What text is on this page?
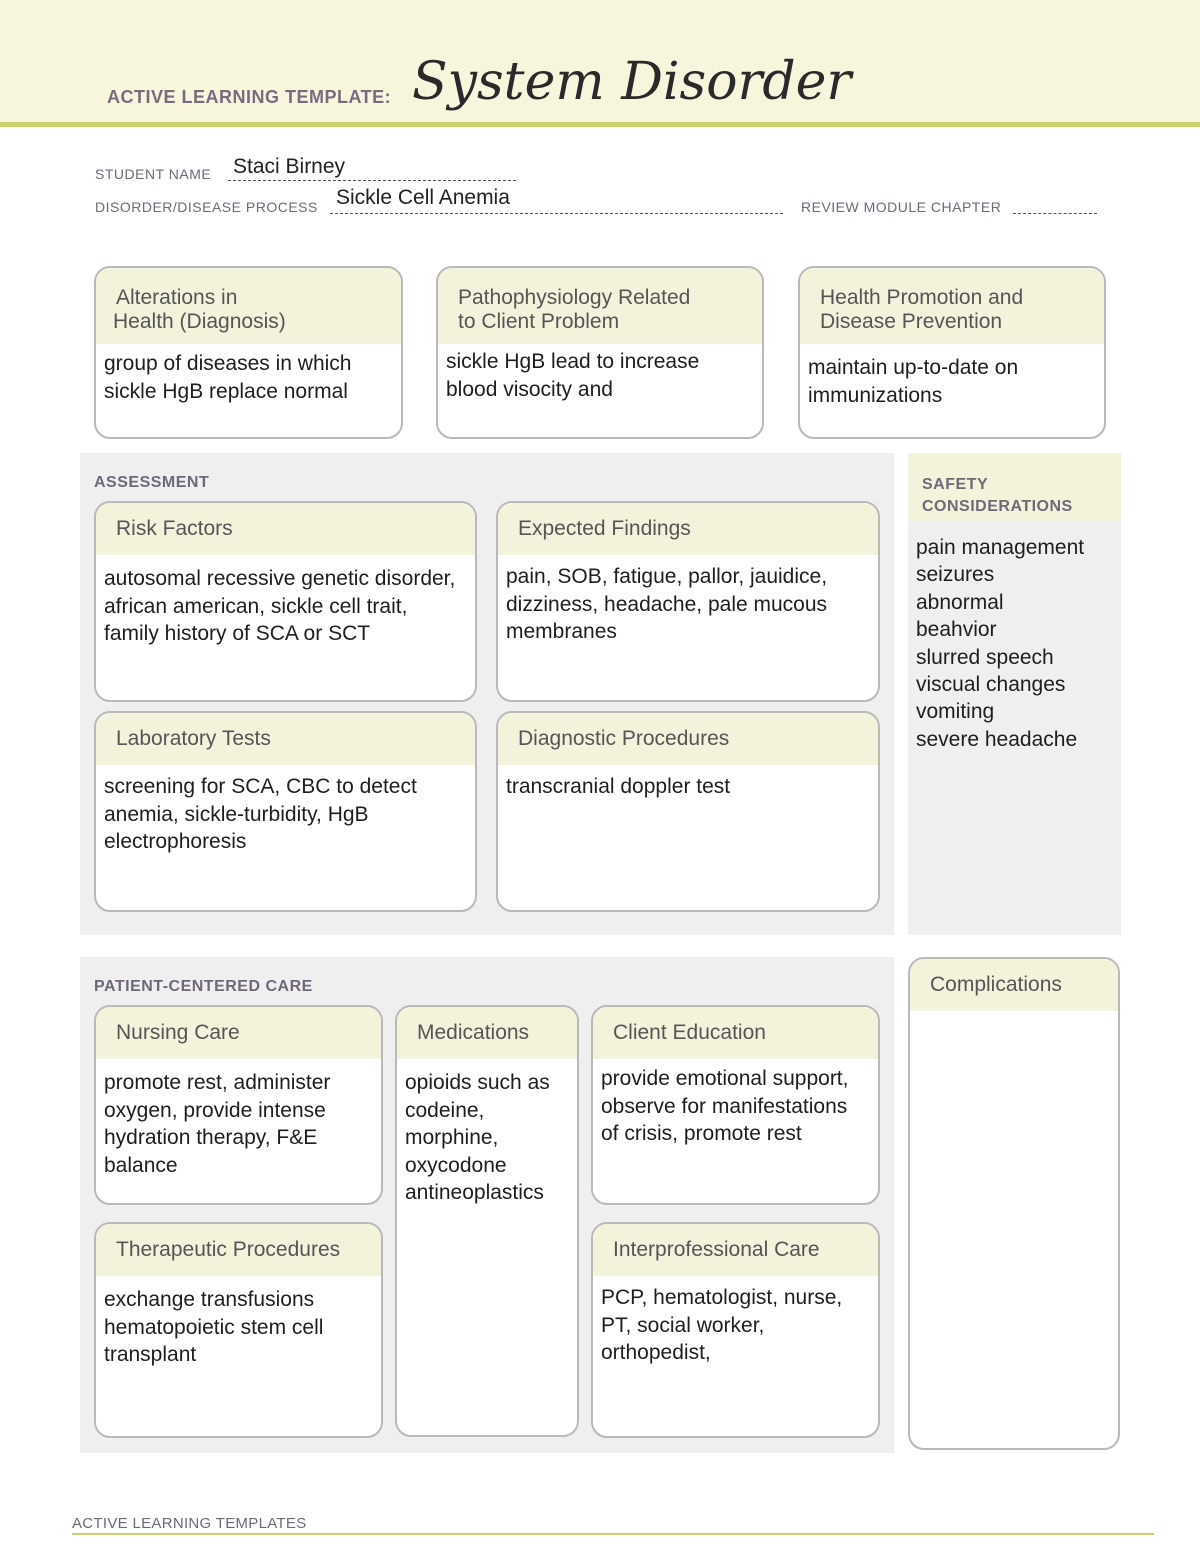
ACTIVE LEARNING TEMPLATE: System Disorder
STUDENT NAME Staci Birney
DISORDER/DISEASE PROCESS Sickle Cell Anemia	REVIEW MODULE CHAPTER
Alterations in
Health (Diagnosis)
group of diseases in which sickle HgB replace normal
Pathophysiology Related
to Client Problem
sickle HgB lead to increase blood visocity and
Health Promotion and
Disease Prevention
maintain up-to-date on immunizations
ASSESSMENT
Risk Factors
autosomal recessive genetic disorder, african american, sickle cell trait, family history of SCA or SCT
Expected Findings
pain, SOB, fatigue, pallor, jauidice, dizziness, headache, pale mucous membranes
Laboratory Tests
screening for SCA, CBC to detect anemia, sickle-turbidity, HgB electrophoresis
Diagnostic Procedures
transcranial doppler test
SAFETY
CONSIDERATIONS
pain management
seizures
abnormal
beahvior
slurred speech
viscual changes
vomiting
severe headache
PATIENT-CENTERED CARE
Nursing Care
promote rest, administer oxygen, provide intense hydration therapy, F&E balance
Medications
opioids such as codeine, morphine, oxycodone antineoplastics
Client Education
provide emotional support, observe for manifestations of crisis, promote rest
Therapeutic Procedures
exchange transfusions hematopoietic stem cell transplant
Interprofessional Care
PCP, hematologist, nurse, PT, social worker, orthopedist,
Complications
ACTIVE LEARNING TEMPLATES
